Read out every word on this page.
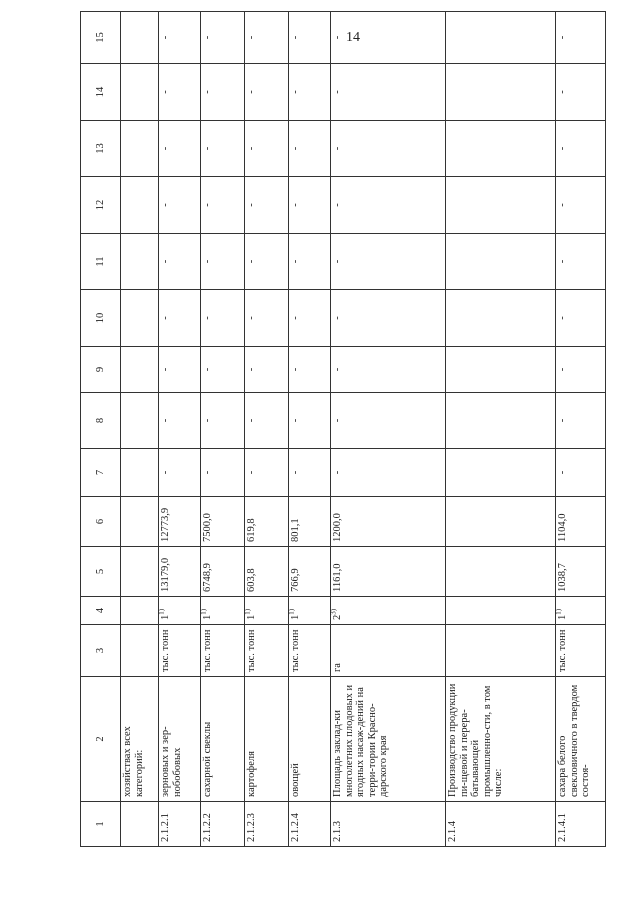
14
1	2	3	4	5	6	7	8	9	10	11	12	13	14	15
	хозяйствах всех категорий:													
2.1.2.1	зерновых и зер-нобобовых	тыс. тонн	1$^{1)}$	13179,0	12773,9	-	-	-	-	-	-	-	-	-
2.1.2.2	сахарной свеклы	тыс. тонн	1$^{1)}$	6748,9	7500,0	-	-	-	-	-	-	-	-	-
2.1.2.3	картофеля	тыс. тонн	1$^{1)}$	603,8	619,8	-	-	-	-	-	-	-	-	-
2.1.2.4	овощей	тыс. тонн	1$^{1)}$	766,9	801,1	-	-	-	-	-	-	-	-	-
2.1.3	Площадь заклад-ки многолетних плодовых и ягодных насаж-дений на терри-тории Красно-дарского края	га	2$^{3)}$	1161,0	1200,0	-	-	-	-	-	-	-	-	-
2.1.4	Производство продукции пи-щевой и перера-батывающей промышленно-сти, в том числе:													
2.1.4.1	сахара белого свекловичного в твердом состоя-	тыс. тонн	1$^{1)}$	1038,7	1104,0	-	-	-	-	-	-	-	-	-
